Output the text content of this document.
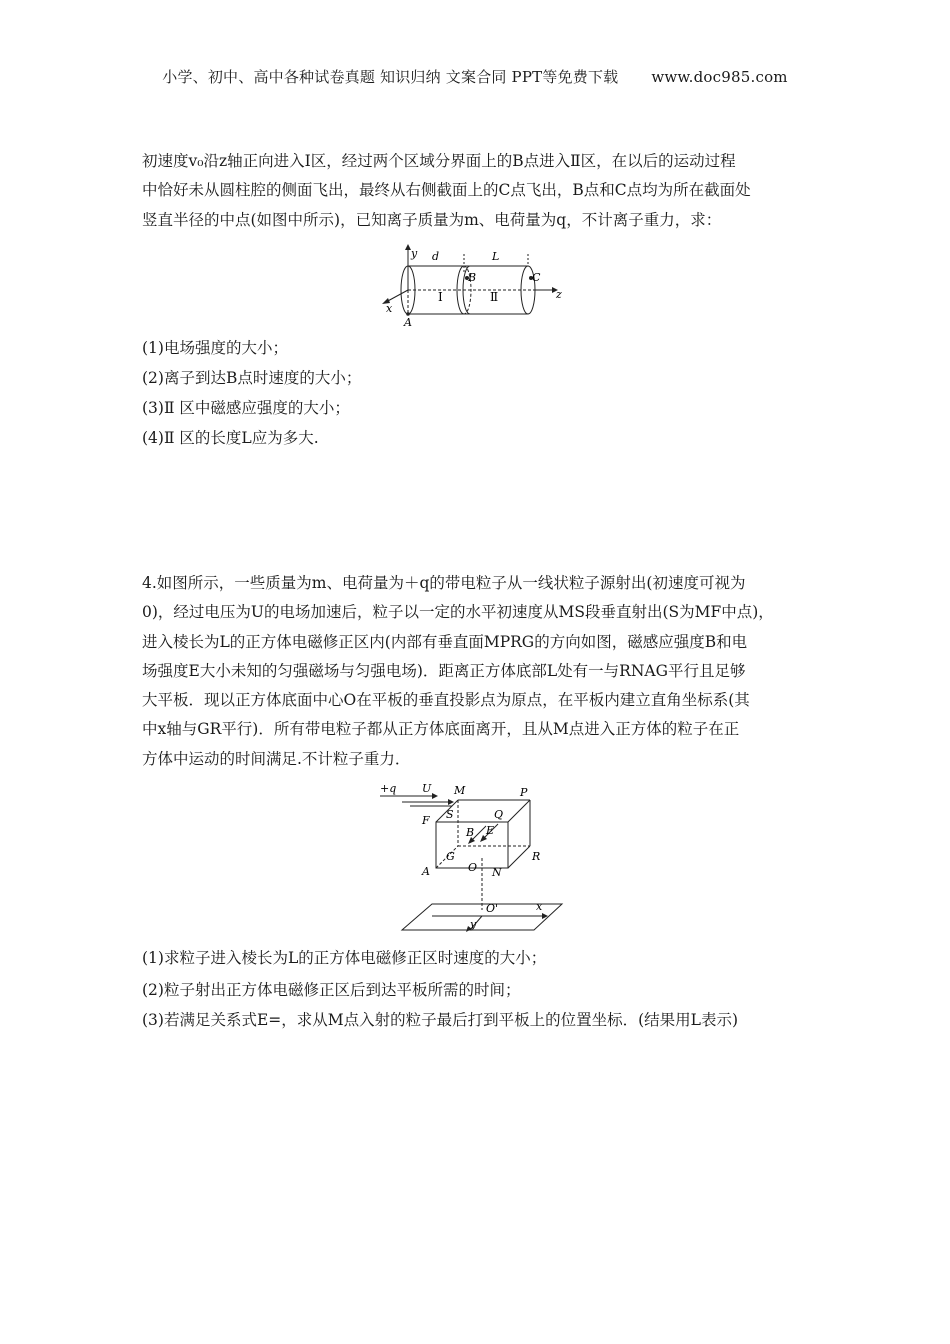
小学、初中、高中各种试卷真题 知识归纳 文案合同 PPT等免费下载 www.doc985.com
初速度v₀沿z轴正向进入Ⅰ区，经过两个区域分界面上的B点进入Ⅱ区，在以后的运动过程
中恰好未从圆柱腔的侧面飞出，最终从右侧截面上的C点飞出，B点和C点均为所在截面处
竖直半径的中点(如图中所示)，已知离子质量为m、电荷量为q，不计离子重力，求：
y d	L
B	C
z
x
A
Ⅰ	Ⅱ
(1)电场强度的大小；
(2)离子到达B点时速度的大小；
(3)Ⅱ 区中磁感应强度的大小；
(4)Ⅱ 区的长度L应为多大.
4.如图所示，一些质量为m、电荷量为＋q的带电粒子从一线状粒子源射出(初速度可视为
0)，经过电压为U的电场加速后，粒子以一定的水平初速度从MS段垂直射出(S为MF中点)，
进入棱长为L的正方体电磁修正区内(内部有垂直面MPRG的方向如图，磁感应强度B和电
场强度E大小未知的匀强磁场与匀强电场)．距离正方体底部L处有一与RNAG平行且足够
大平板．现以正方体底面中心O在平板的垂直投影点为原点，在平板内建立直角坐标系(其
中x轴与GR平行)．所有带电粒子都从正方体底面离开，且从M点进入正方体的粒子在正
方体中运动的时间满足.不计粒子重力．
+q U M	P
S	Q
F
B E
G	R
A	O N
O'	x
y
(1)求粒子进入棱长为L的正方体电磁修正区时速度的大小；
(2)粒子射出正方体电磁修正区后到达平板所需的时间；
(3)若满足关系式E=，求从M点入射的粒子最后打到平板上的位置坐标．(结果用L表示)
